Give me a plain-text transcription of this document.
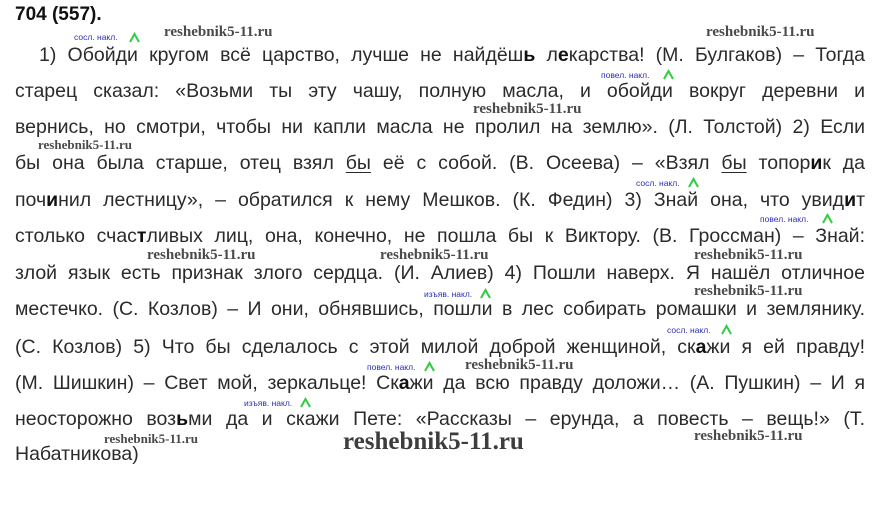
704 (557).
1) Обойди кругом всё царство, лучше не найдёшь лекарства! (М. Булгаков) – Тогда
старец сказал: «Возьми ты эту чашу, полную масла, и обойди вокруг деревни и
вернись, но смотри, чтобы ни капли масла не пролил на землю». (Л. Толстой) 2) Если
бы она была старше, отец взял бы её с собой. (В. Осеева) – «Взял бы топорик да
починил лестницу», – обратился к нему Мешков. (К. Федин) 3) Знай она, что увидит
столько счастливых лиц, она, конечно, не пошла бы к Виктору. (В. Гроссман) – Знай:
злой язык есть признак злого сердца. (И. Алиев) 4) Пошли наверх. Я нашёл отличное
местечко. (С. Козлов) – И они, обнявшись, пошли в лес собирать ромашки и землянику.
(С. Козлов) 5) Что бы сделалось с этой милой доброй женщиной, скажи я ей правду!
(М. Шишкин) – Свет мой, зеркальце! Скажи да всю правду доложи… (А. Пушкин) – И я
неосторожно возьми да и скажи Пете: «Рассказы – ерунда, а повесть – вещь!» (Т.
Набатникова)
reshebnik5-11.ru	reshebnik5-11.ru
reshebnik5-11.ru
reshebnik5-11.ru
reshebnik5-11.ru	reshebnik5-11.ru	reshebnik5-11.ru
reshebnik5-11.ru
reshebnik5-11.ru
reshebnik5-11.ru	reshebnik5-11.ru	reshebnik5-11.ru
сосл. накл.
повел. накл.
сосл. накл.
повел. накл.
изъяв. накл.
сосл. накл.
повел. накл.
изъяв. накл.
